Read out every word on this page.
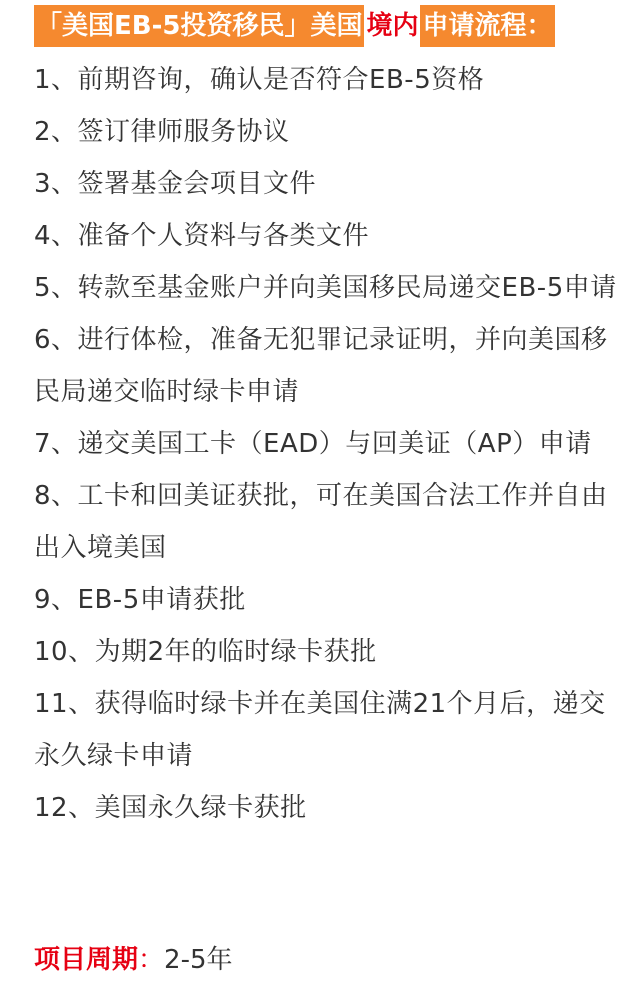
「美国EB-5投资移民」美国 境内 申请流程：

1、前期咨询，确认是否符合EB-5资格

2、签订律师服务协议

3、签署基金会项目文件

4、准备个人资料与各类文件

5、转款至基金账户并向美国移民局递交EB-5申请

6、进行体检，准备无犯罪记录证明，并向美国移民局递交临时绿卡申请

7、递交美国工卡（EAD）与回美证（AP）申请

8、工卡和回美证获批，可在美国合法工作并自由出入境美国

9、EB-5申请获批

10、为期2年的临时绿卡获批

11、获得临时绿卡并在美国住满21个月后，递交永久绿卡申请

12、美国永久绿卡获批

项目周期：2-5年
